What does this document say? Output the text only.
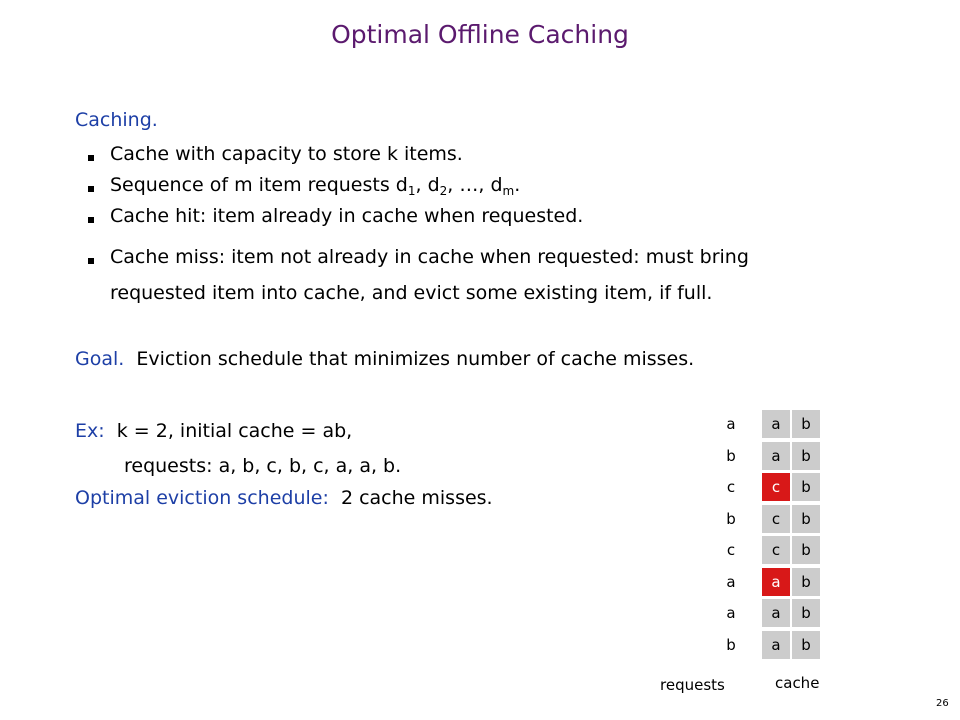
Optimal Offline Caching
Caching.
Cache with capacity to store k items.
Sequence of m item requests $d_1$, $d_2$, …, $d_m$.
Cache hit: item already in cache when requested.
Cache miss: item not already in cache when requested: must bring
requested item into cache, and evict some existing item, if full.
Goal. Eviction schedule that minimizes number of cache misses.
Ex: k = 2, initial cache = ab,
requests: a, b, c, b, c, a, a, b.
Optimal eviction schedule: 2 cache misses.
a	a	b
b	a	b
c	c	b
b	c	b
c	c	b
a	a	b
a	a	b
b	a	b
requests	cache
26
